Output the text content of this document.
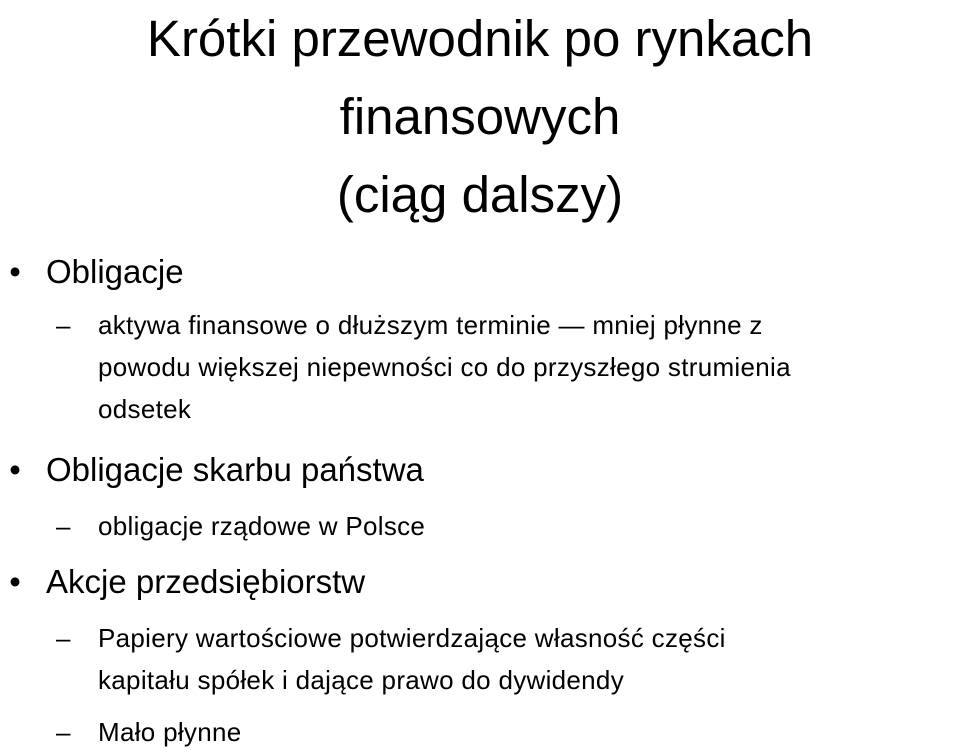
Krótki przewodnik po rynkach
finansowych
(ciąg dalszy)
• Obligacje
–	aktywa finansowe o dłuższym terminie — mniej płynne z
powodu większej niepewności co do przyszłego strumienia
odsetek
• Obligacje skarbu państwa
–	obligacje rządowe w Polsce
• Akcje przedsiębiorstw
–	Papiery wartościowe potwierdzające własność części
kapitału spółek i dające prawo do dywidendy
–	Mało płynne
